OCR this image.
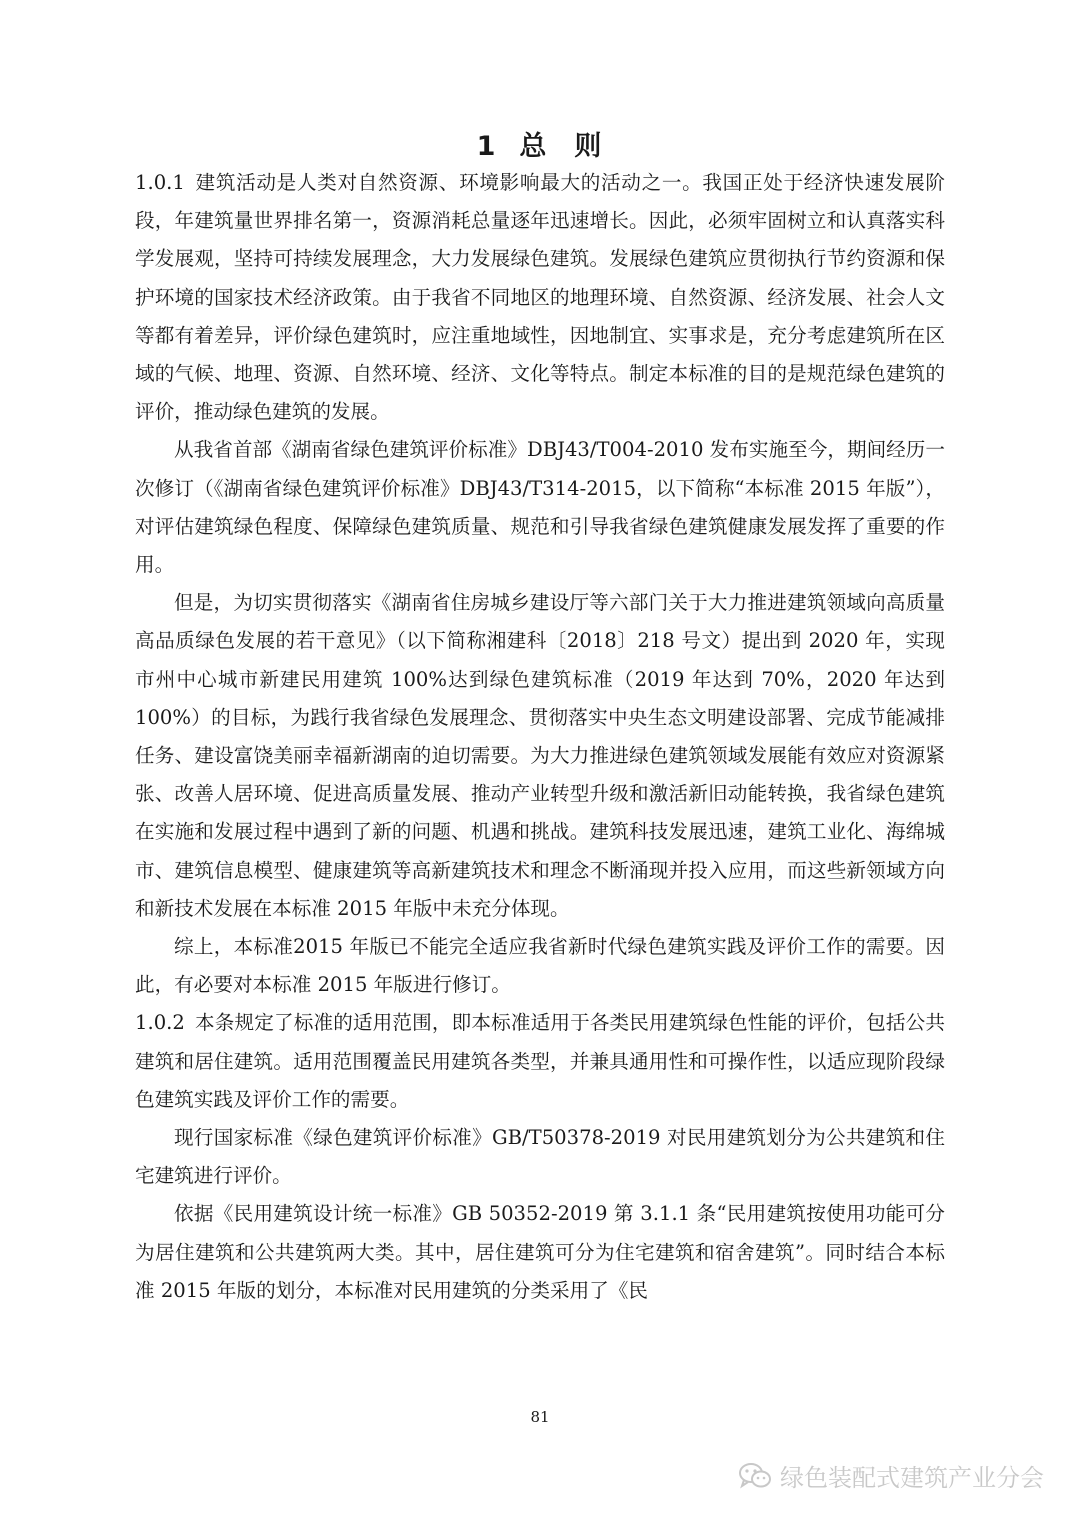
1 总 则

1.0.1 建筑活动是人类对自然资源、环境影响最大的活动之一。我国正处于经济快速发展阶段，年建筑量世界排名第一，资源消耗总量逐年迅速增长。因此，必须牢固树立和认真落实科学发展观，坚持可持续发展理念，大力发展绿色建筑。发展绿色建筑应贯彻执行节约资源和保护环境的国家技术经济政策。由于我省不同地区的地理环境、自然资源、经济发展、社会人文等都有着差异，评价绿色建筑时，应注重地域性，因地制宜、实事求是，充分考虑建筑所在区域的气候、地理、资源、自然环境、经济、文化等特点。制定本标准的目的是规范绿色建筑的评价，推动绿色建筑的发展。

从我省首部《湖南省绿色建筑评价标准》DBJ43/T004-2010 发布实施至今，期间经历一次修订（《湖南省绿色建筑评价标准》DBJ43/T314-2015，以下简称“本标准 2015 年版”），对评估建筑绿色程度、保障绿色建筑质量、规范和引导我省绿色建筑健康发展发挥了重要的作用。

但是，为切实贯彻落实《湖南省住房城乡建设厅等六部门关于大力推进建筑领域向高质量高品质绿色发展的若干意见》（以下简称湘建科〔2018〕218 号文）提出到 2020 年，实现市州中心城市新建民用建筑 100%达到绿色建筑标准（2019 年达到 70%，2020 年达到 100%）的目标，为践行我省绿色发展理念、贯彻落实中央生态文明建设部署、完成节能减排任务、建设富饶美丽幸福新湖南的迫切需要。为大力推进绿色建筑领域发展能有效应对资源紧张、改善人居环境、促进高质量发展、推动产业转型升级和激活新旧动能转换，我省绿色建筑在实施和发展过程中遇到了新的问题、机遇和挑战。建筑科技发展迅速，建筑工业化、海绵城市、建筑信息模型、健康建筑等高新建筑技术和理念不断涌现并投入应用，而这些新领域方向和新技术发展在本标准 2015 年版中未充分体现。

综上，本标准2015 年版已不能完全适应我省新时代绿色建筑实践及评价工作的需要。因此，有必要对本标准 2015 年版进行修订。

1.0.2 本条规定了标准的适用范围，即本标准适用于各类民用建筑绿色性能的评价，包括公共建筑和居住建筑。适用范围覆盖民用建筑各类型，并兼具通用性和可操作性，以适应现阶段绿色建筑实践及评价工作的需要。

现行国家标准《绿色建筑评价标准》GB/T50378-2019 对民用建筑划分为公共建筑和住宅建筑进行评价。

依据《民用建筑设计统一标准》GB 50352-2019 第 3.1.1 条“民用建筑按使用功能可分为居住建筑和公共建筑两大类。其中，居住建筑可分为住宅建筑和宿舍建筑”。同时结合本标准 2015 年版的划分，本标准对民用建筑的分类采用了《民

81
绿色装配式建筑产业分会
